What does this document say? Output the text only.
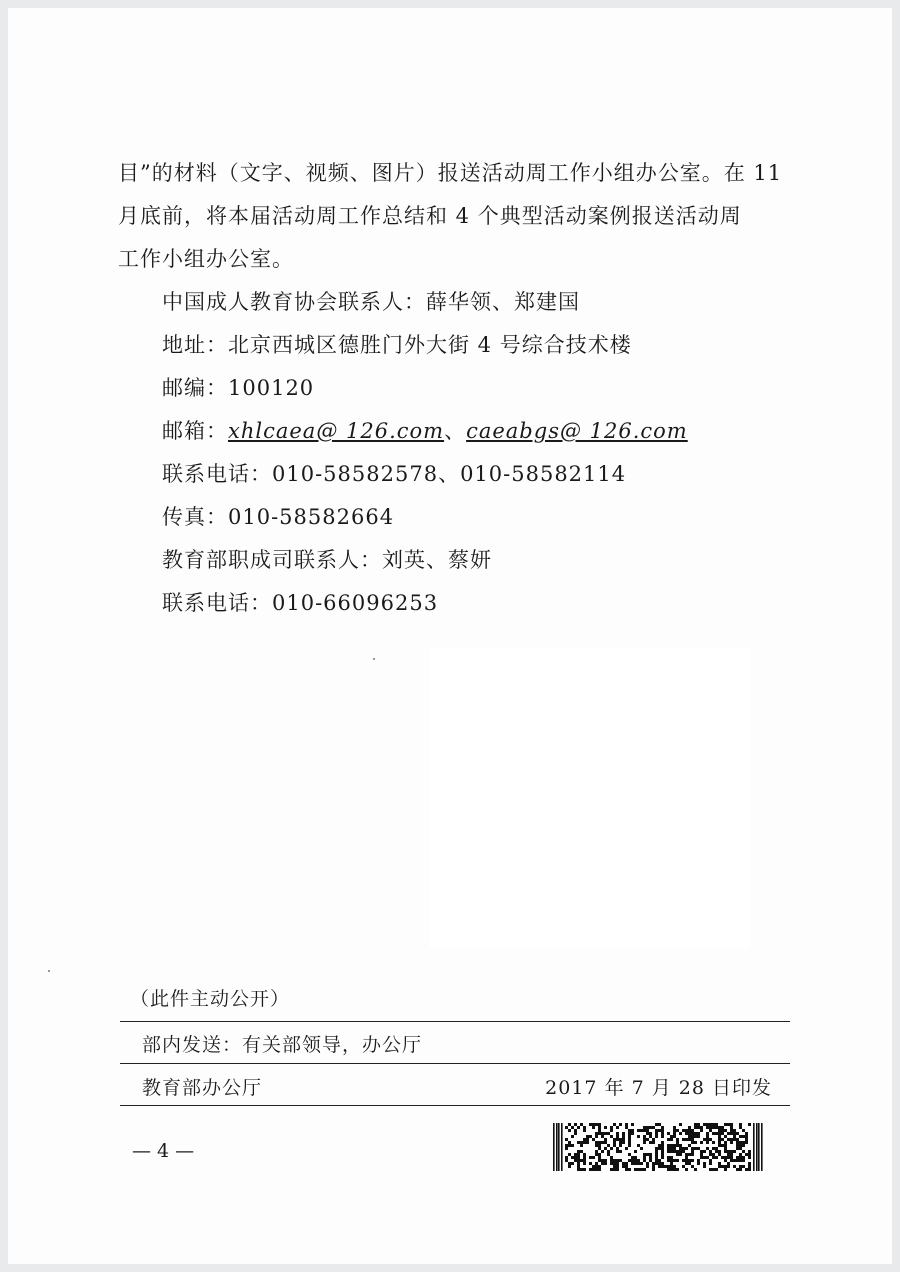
目”的材料（文字、视频、图片）报送活动周工作小组办公室。在 11
月底前，将本届活动周工作总结和 4 个典型活动案例报送活动周
工作小组办公室。
中国成人教育协会联系人：薛华领、郑建国
地址：北京西城区德胜门外大街 4 号综合技术楼
邮编：100120
邮箱：xhlcaea@ 126.com、caeabgs@ 126.com
联系电话：010-58582578、010-58582114
传真：010-58582664
教育部职成司联系人：刘英、蔡妍
联系电话：010-66096253
（此件主动公开）
部内发送：有关部领导，办公厅
教育部办公厅	2017 年 7 月 28 日印发
— 4 —
